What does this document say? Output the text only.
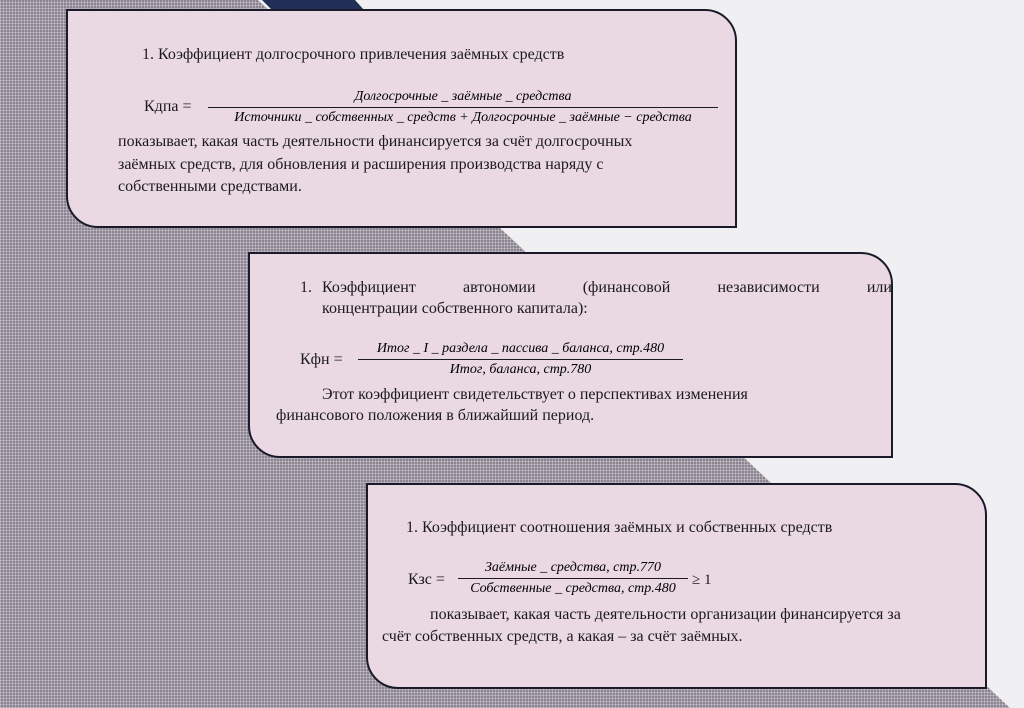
1. Коэффициент долгосрочного привлечения заёмных средств
Кдпа =
Долгосрочные _ заёмные _ средства
Источники _ собственных _ средств + Долгосрочные _ заёмные − средства
показывает, какая часть деятельности финансируется за счёт долгосрочных
заёмных средств, для обновления и расширения производства наряду с
собственными средствами.
1. Коэффициент	автономии	(финансовой	независимости	или
концентрации собственного капитала):
Кфн =
Итог _ I _ раздела _ пассива _ баланса, стр.480
Итог, баланса, стр.780
Этот коэффициент свидетельствует о перспективах изменения
финансового положения в ближайший период.
1. Коэффициент соотношения заёмных и собственных средств
Кзс =
Заёмные _ средства, стр.770
Собственные _ средства, стр.480
≥ 1
показывает, какая часть деятельности организации финансируется за
счёт собственных средств, а какая – за счёт заёмных.
